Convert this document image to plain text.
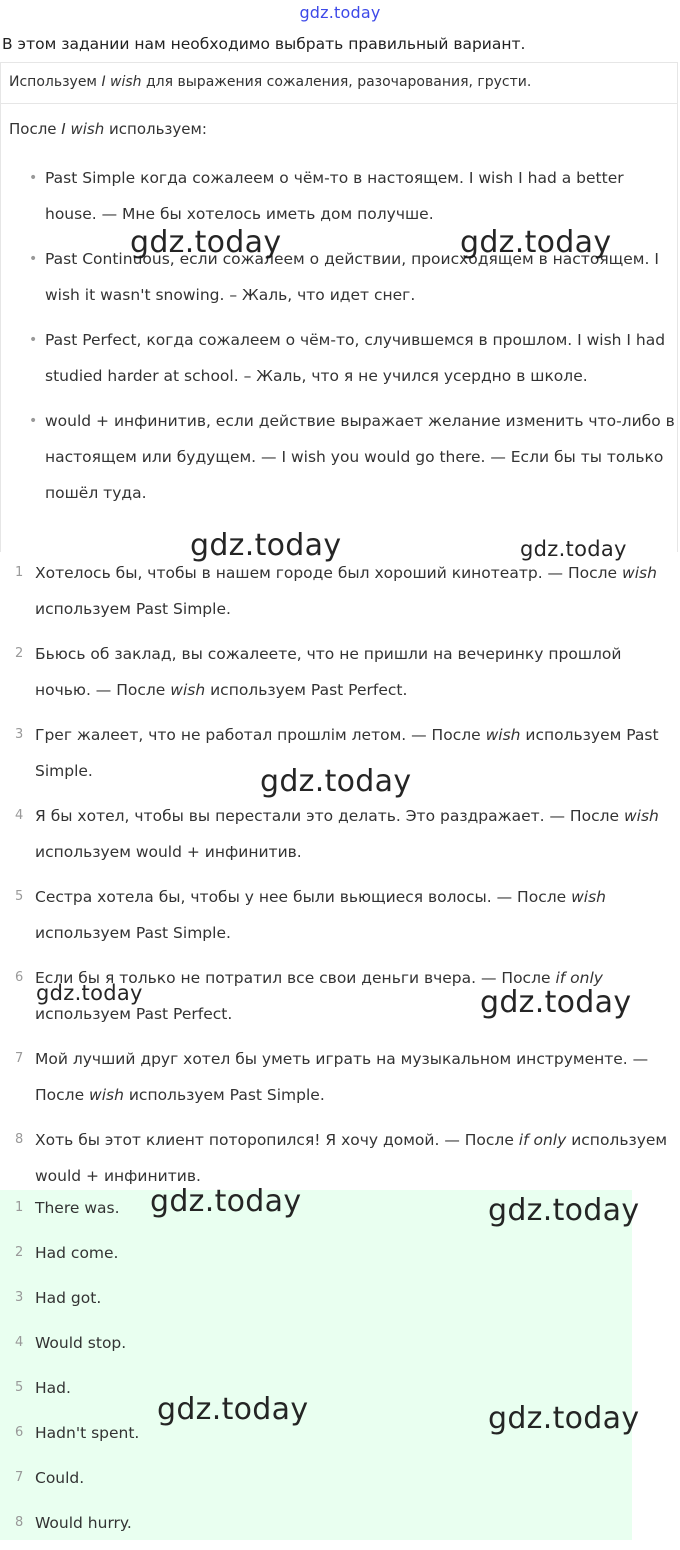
gdz.today
В этом задании нам необходимо выбрать правильный вариант.
Используем I wish для выражения сожаления, разочарования, грусти.

После I wish используем:

• Past Simple когда сожалеем о чём-то в настоящем. I wish I had a better house. — Мне бы хотелось иметь дом получше.
• Past Continuous, если сожалеем о действии, происходящем в настоящем. I wish it wasn't snowing. – Жаль, что идет снег.
• Past Perfect, когда сожалеем о чём-то, случившемся в прошлом. I wish I had studied harder at school. – Жаль, что я не учился усердно в школе.
• would + инфинитив, если действие выражает желание изменить что-либо в настоящем или будущем. — I wish you would go there. — Если бы ты только пошёл туда.
1 Хотелось бы, чтобы в нашем городе был хороший кинотеатр. — После wish используем Past Simple.
2 Бьюсь об заклад, вы сожалеете, что не пришли на вечеринку прошлой ночью. — После wish используем Past Perfect.
3 Грег жалеет, что не работал прошлім летом. — После wish используем Past Simple.
4 Я бы хотел, чтобы вы перестали это делать. Это раздражает. — После wish используем would + инфинитив.
5 Сестра хотела бы, чтобы у нее были вьющиеся волосы. — После wish используем Past Simple.
6 Если бы я только не потратил все свои деньги вчера. — После if only используем Past Perfect.
7 Мой лучший друг хотел бы уметь играть на музыкальном инструменте. — После wish используем Past Simple.
8 Хоть бы этот клиент поторопился! Я хочу домой. — После if only используем would + инфинитив.
1 There was.
2 Had come.
3 Had got.
4 Would stop.
5 Had.
6 Hadn't spent.
7 Could.
8 Would hurry.
gdz.today	gdz.today
gdz.today	gdz.today
gdz.today
gdz.today	gdz.today
gdz.today	gdz.today
gdz.today	gdz.today
